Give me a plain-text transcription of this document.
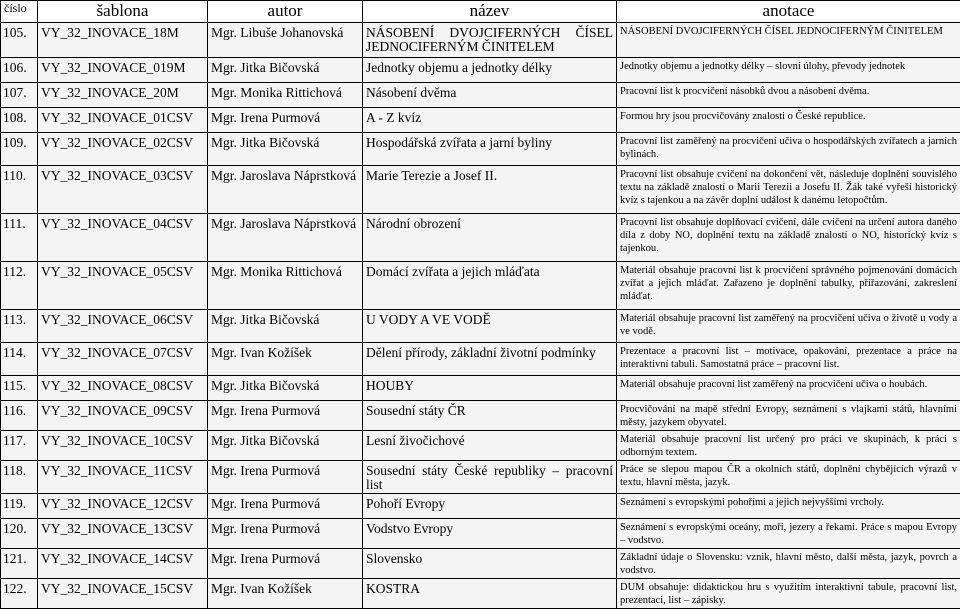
číslo	šablona	autor	název	anotace
105.	VY_32_INOVACE_18M	Mgr. Libuše Johanovská	NÁSOBENÍ DVOJCIFERNÝCH ČÍSEL JEDNOCIFERNÝM ČINITELEM	NÁSOBENÍ DVOJCIFERNÝCH ČÍSEL JEDNOCIFERNÝM ČINITELEM
106.	VY_32_INOVACE_019M	Mgr. Jitka Bičovská	Jednotky objemu a jednotky délky	Jednotky objemu a jednotky délky – slovní úlohy, převody jednotek
107.	VY_32_INOVACE_20M	Mgr. Monika Rittichová	Násobení dvěma	Pracovní list k procvičení násobků dvou a násobení dvěma.
108.	VY_32_INOVACE_01CSV	Mgr. Irena Purmová	A - Z kvíz	Formou hry jsou procvičovány znalosti o České republice.
109.	VY_32_INOVACE_02CSV	Mgr. Jitka Bičovská	Hospodářská zvířata a jarní byliny	Pracovní list zaměřený na procvičení učiva o hospodářských zvířatech a jarních bylinách.
110.	VY_32_INOVACE_03CSV	Mgr. Jaroslava Náprstková	Marie Terezie a Josef II.	Pracovní list obsahuje cvičení na dokončení vět, následuje doplnění souvislého textu na základě znalostí o Marii Terezii a Josefu II. Žák také vyřeší historický kvíz s tajenkou a na závěr doplní událost k danému letopočtům.
111.	VY_32_INOVACE_04CSV	Mgr. Jaroslava Náprstková	Národní obrození	Pracovní list obsahuje doplňovací cvičení, dále cvičení na určení autora daného díla z doby NO, doplnění textu na základě znalostí o NO, historický kvíz s tajenkou.
112.	VY_32_INOVACE_05CSV	Mgr. Monika Rittichová	Domácí zvířata a jejich mláďata	Materiál obsahuje pracovní list k procvičení správného pojmenování domácích zvířat a jejich mláďat. Zařazeno je doplnění tabulky, přiřazování, zakreslení mláďat.
113.	VY_32_INOVACE_06CSV	Mgr. Jitka Bičovská	U VODY A VE VODĚ	Materiál obsahuje pracovní list zaměřený na procvičení učiva o životě u vody a ve vodě.
114.	VY_32_INOVACE_07CSV	Mgr. Ivan Kožíšek	Dělení přírody, základní životní podmínky	Prezentace a pracovní list – motivace, opakování, prezentace a práce na interaktivní tabuli. Samostatná práce – pracovní list.
115.	VY_32_INOVACE_08CSV	Mgr. Jitka Bičovská	HOUBY	Materiál obsahuje pracovní list zaměřený na procvičení učiva o houbách.
116.	VY_32_INOVACE_09CSV	Mgr. Irena Purmová	Sousední státy ČR	Procvičování na mapě střední Evropy, seznámení s vlajkami států, hlavními městy, jazykem obyvatel.
117.	VY_32_INOVACE_10CSV	Mgr. Jitka Bičovská	Lesní živočichové	Materiál obsahuje pracovní list určený pro práci ve skupinách, k práci s odborným textem.
118.	VY_32_INOVACE_11CSV	Mgr. Irena Purmová	Sousední státy České republiky – pracovní list	Práce se slepou mapou ČR a okolních států, doplnění chybějících výrazů v textu, hlavní města, jazyk.
119.	VY_32_INOVACE_12CSV	Mgr. Irena Purmová	Pohoří Evropy	Seznámení s evropskými pohořími a jejich nejvyššími vrcholy.
120.	VY_32_INOVACE_13CSV	Mgr. Irena Purmová	Vodstvo Evropy	Seznámení s evropskými oceány, moři, jezery a řekami. Práce s mapou Evropy – vodstvo.
121.	VY_32_INOVACE_14CSV	Mgr. Irena Purmová	Slovensko	Základní údaje o Slovensku: vznik, hlavní město, další města, jazyk, povrch a vodstvo.
122.	VY_32_INOVACE_15CSV	Mgr. Ivan Kožíšek	KOSTRA	DUM obsahuje: didaktickou hru s využitím interaktivní tabule, pracovní list, prezentaci, list – zápisky.
